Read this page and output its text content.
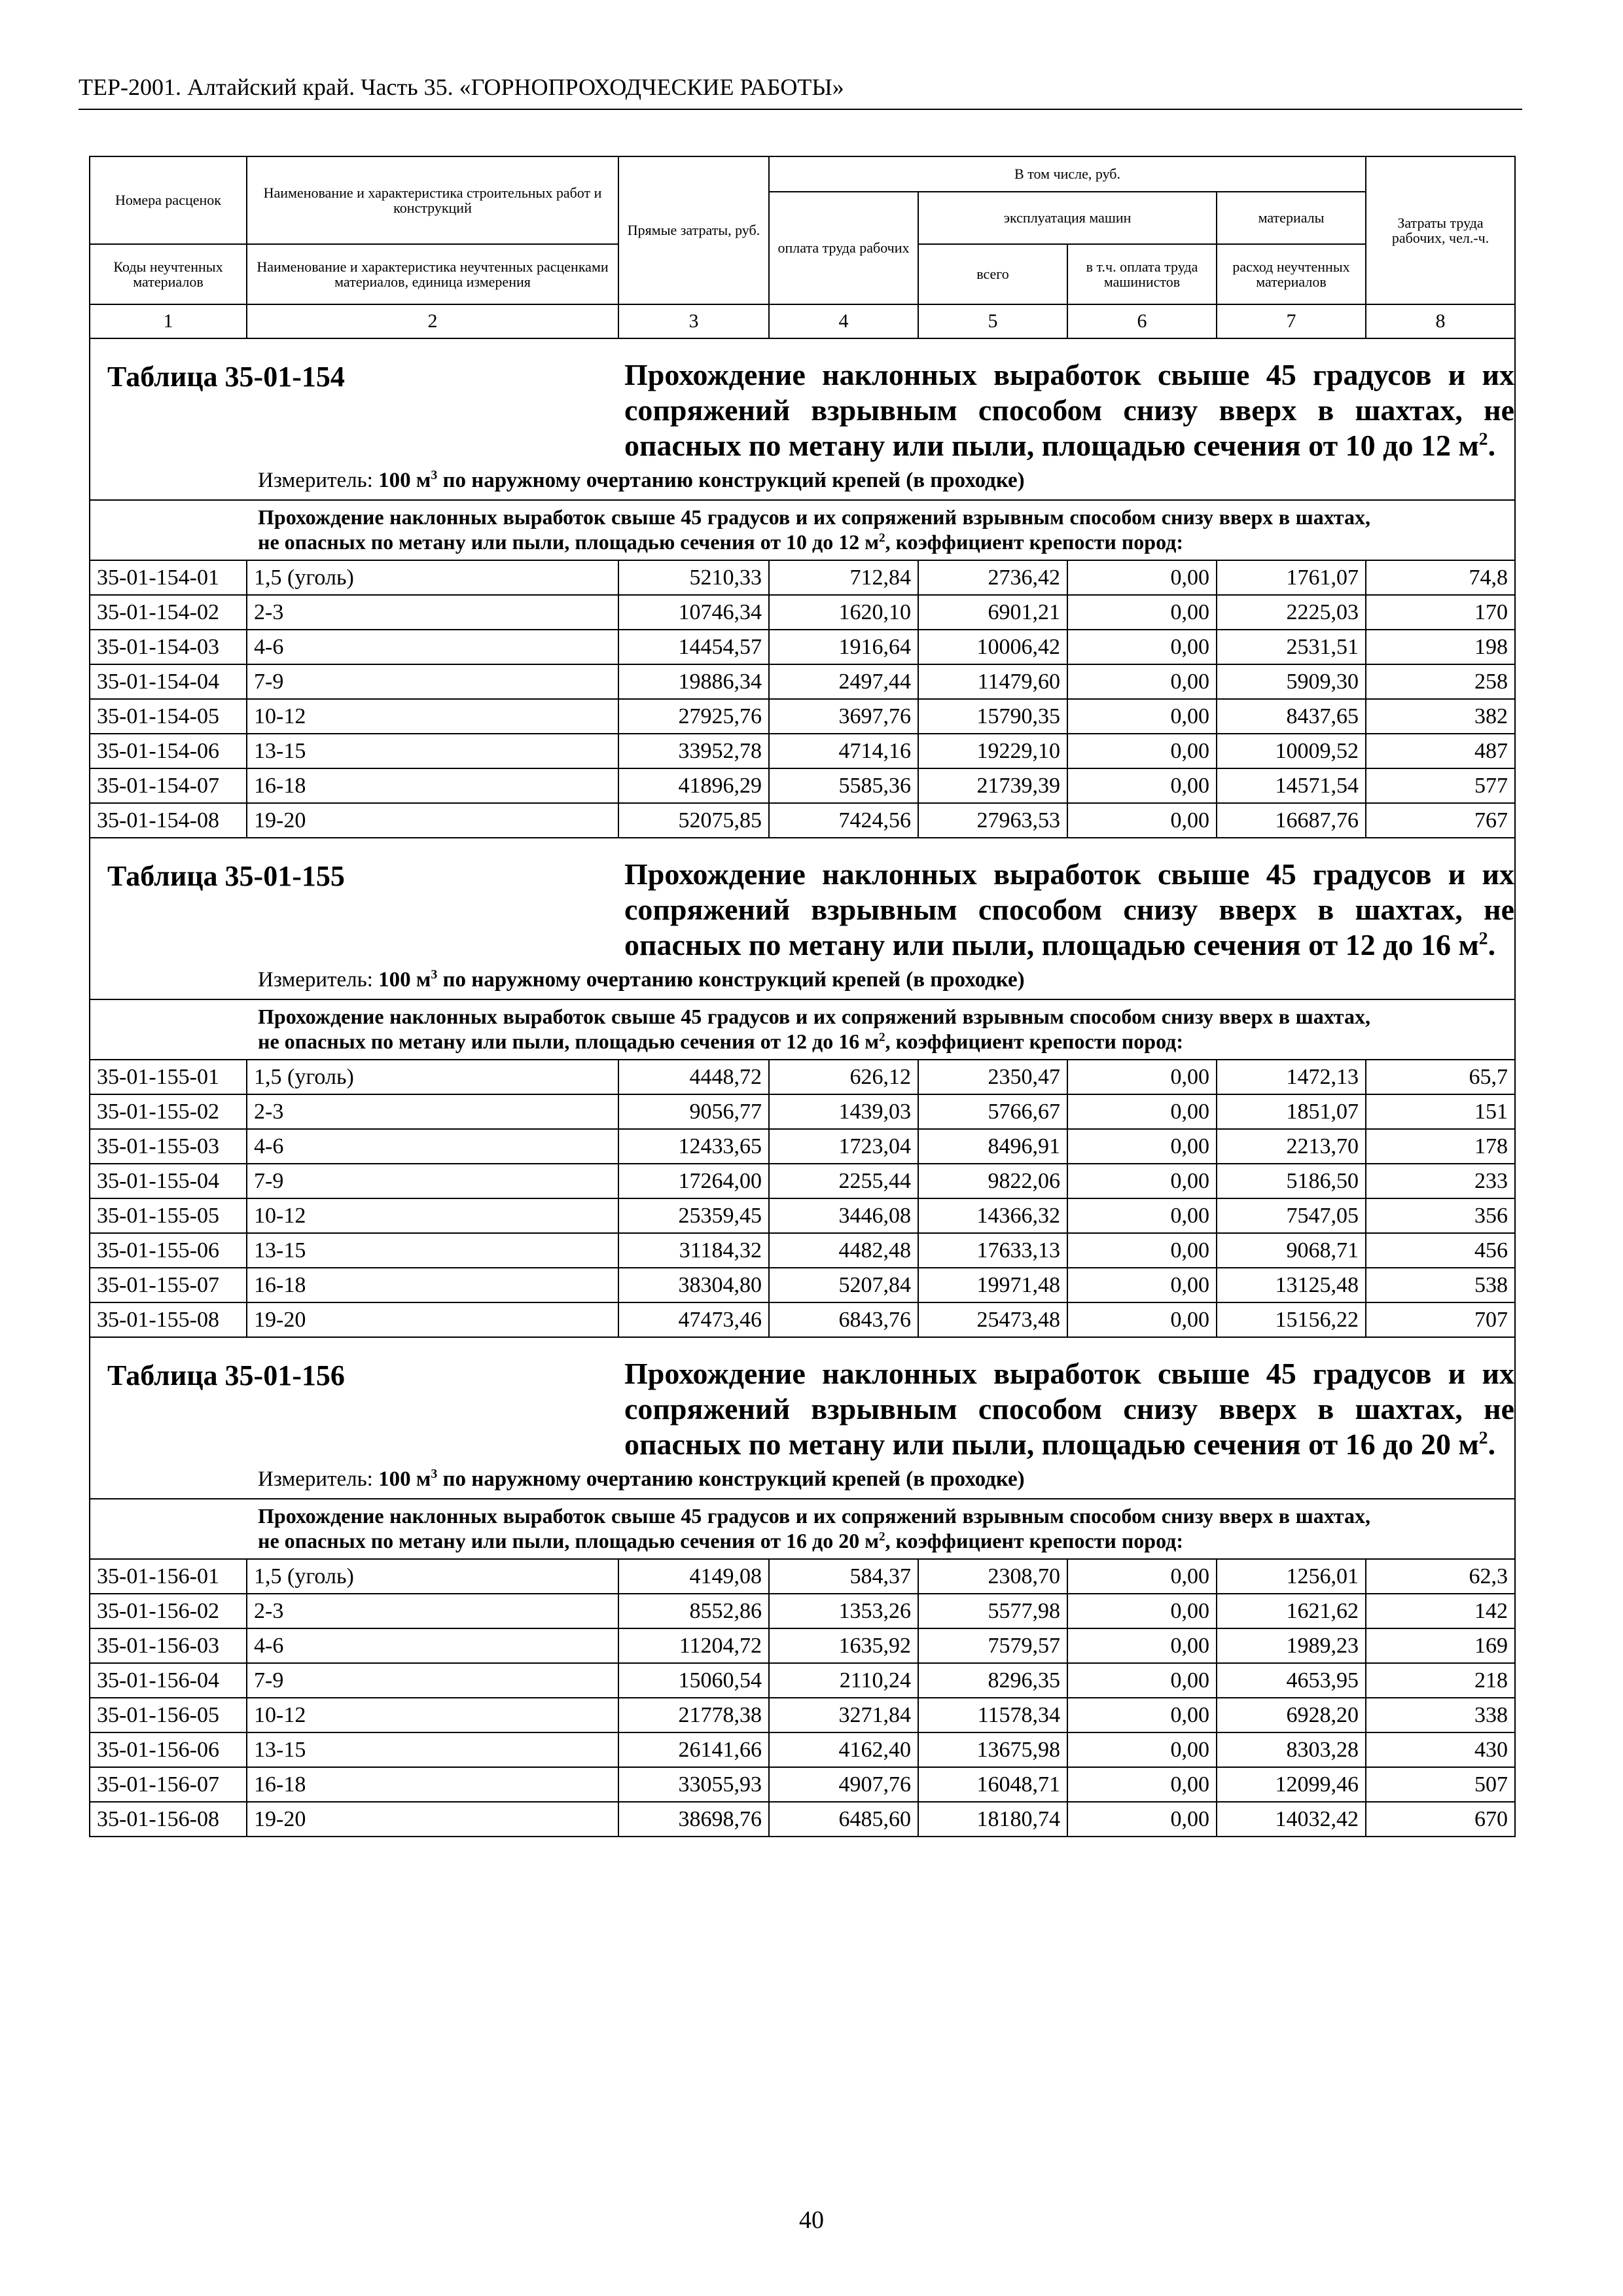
ТЕР-2001. Алтайский край. Часть 35. «ГОРНОПРОХОДЧЕСКИЕ РАБОТЫ»
Номера расценок	Наименование и характеристика строительных работ и конструкций	Прямые затраты, руб.	В том числе, руб.				Затраты труда рабочих, чел.-ч.
			оплата труда рабочих	эксплуатация машин		материалы	
Коды неучтенных материалов	Наименование и характеристика неучтенных расценками материалов, единица измерения			всего	в т.ч. оплата труда машинистов	расход неучтенных материалов	
1	2	3	4	5	6	7	8

Таблица 35-01-154 Прохождение наклонных выработок свыше 45 градусов и их сопряжений взрывным способом снизу вверх в шахтах, не опасных по метану или пыли, площадью сечения от 10 до 12 $м^2$.
Измеритель: 100 $м^3$ по наружному очертанию конструкций крепей (в проходке)							

Прохождение наклонных выработок свыше 45 градусов и их сопряжений взрывным способом снизу вверх в шахтах, не опасных по метану или пыли, площадью сечения от 10 до 12 $м^2$, коэффициент крепости пород:							

35-01-154-01	1,5 (уголь)	5210,33	712,84	2736,42	0,00	1761,07	74,8
35-01-154-02	2-3	10746,34	1620,10	6901,21	0,00	2225,03	170
35-01-154-03	4-6	14454,57	1916,64	10006,42	0,00	2531,51	198
35-01-154-04	7-9	19886,34	2497,44	11479,60	0,00	5909,30	258
35-01-154-05	10-12	27925,76	3697,76	15790,35	0,00	8437,65	382
35-01-154-06	13-15	33952,78	4714,16	19229,10	0,00	10009,52	487
35-01-154-07	16-18	41896,29	5585,36	21739,39	0,00	14571,54	577
35-01-154-08	19-20	52075,85	7424,56	27963,53	0,00	16687,76	767

Таблица 35-01-155 Прохождение наклонных выработок свыше 45 градусов и их сопряжений взрывным способом снизу вверх в шахтах, не опасных по метану или пыли, площадью сечения от 12 до 16 $м^2$.
Измеритель: 100 $м^3$ по наружному очертанию конструкций крепей (в проходке)							

Прохождение наклонных выработок свыше 45 градусов и их сопряжений взрывным способом снизу вверх в шахтах, не опасных по метану или пыли, площадью сечения от 12 до 16 $м^2$, коэффициент крепости пород:							

35-01-155-01	1,5 (уголь)	4448,72	626,12	2350,47	0,00	1472,13	65,7
35-01-155-02	2-3	9056,77	1439,03	5766,67	0,00	1851,07	151
35-01-155-03	4-6	12433,65	1723,04	8496,91	0,00	2213,70	178
35-01-155-04	7-9	17264,00	2255,44	9822,06	0,00	5186,50	233
35-01-155-05	10-12	25359,45	3446,08	14366,32	0,00	7547,05	356
35-01-155-06	13-15	31184,32	4482,48	17633,13	0,00	9068,71	456
35-01-155-07	16-18	38304,80	5207,84	19971,48	0,00	13125,48	538
35-01-155-08	19-20	47473,46	6843,76	25473,48	0,00	15156,22	707

Таблица 35-01-156 Прохождение наклонных выработок свыше 45 градусов и их сопряжений взрывным способом снизу вверх в шахтах, не опасных по метану или пыли, площадью сечения от 16 до 20 $м^2$.
Измеритель: 100 $м^3$ по наружному очертанию конструкций крепей (в проходке)							

Прохождение наклонных выработок свыше 45 градусов и их сопряжений взрывным способом снизу вверх в шахтах, не опасных по метану или пыли, площадью сечения от 16 до 20 $м^2$, коэффициент крепости пород:							

35-01-156-01	1,5 (уголь)	4149,08	584,37	2308,70	0,00	1256,01	62,3
35-01-156-02	2-3	8552,86	1353,26	5577,98	0,00	1621,62	142
35-01-156-03	4-6	11204,72	1635,92	7579,57	0,00	1989,23	169
35-01-156-04	7-9	15060,54	2110,24	8296,35	0,00	4653,95	218
35-01-156-05	10-12	21778,38	3271,84	11578,34	0,00	6928,20	338
35-01-156-06	13-15	26141,66	4162,40	13675,98	0,00	8303,28	430
35-01-156-07	16-18	33055,93	4907,76	16048,71	0,00	12099,46	507
35-01-156-08	19-20	38698,76	6485,60	18180,74	0,00	14032,42	670
40
